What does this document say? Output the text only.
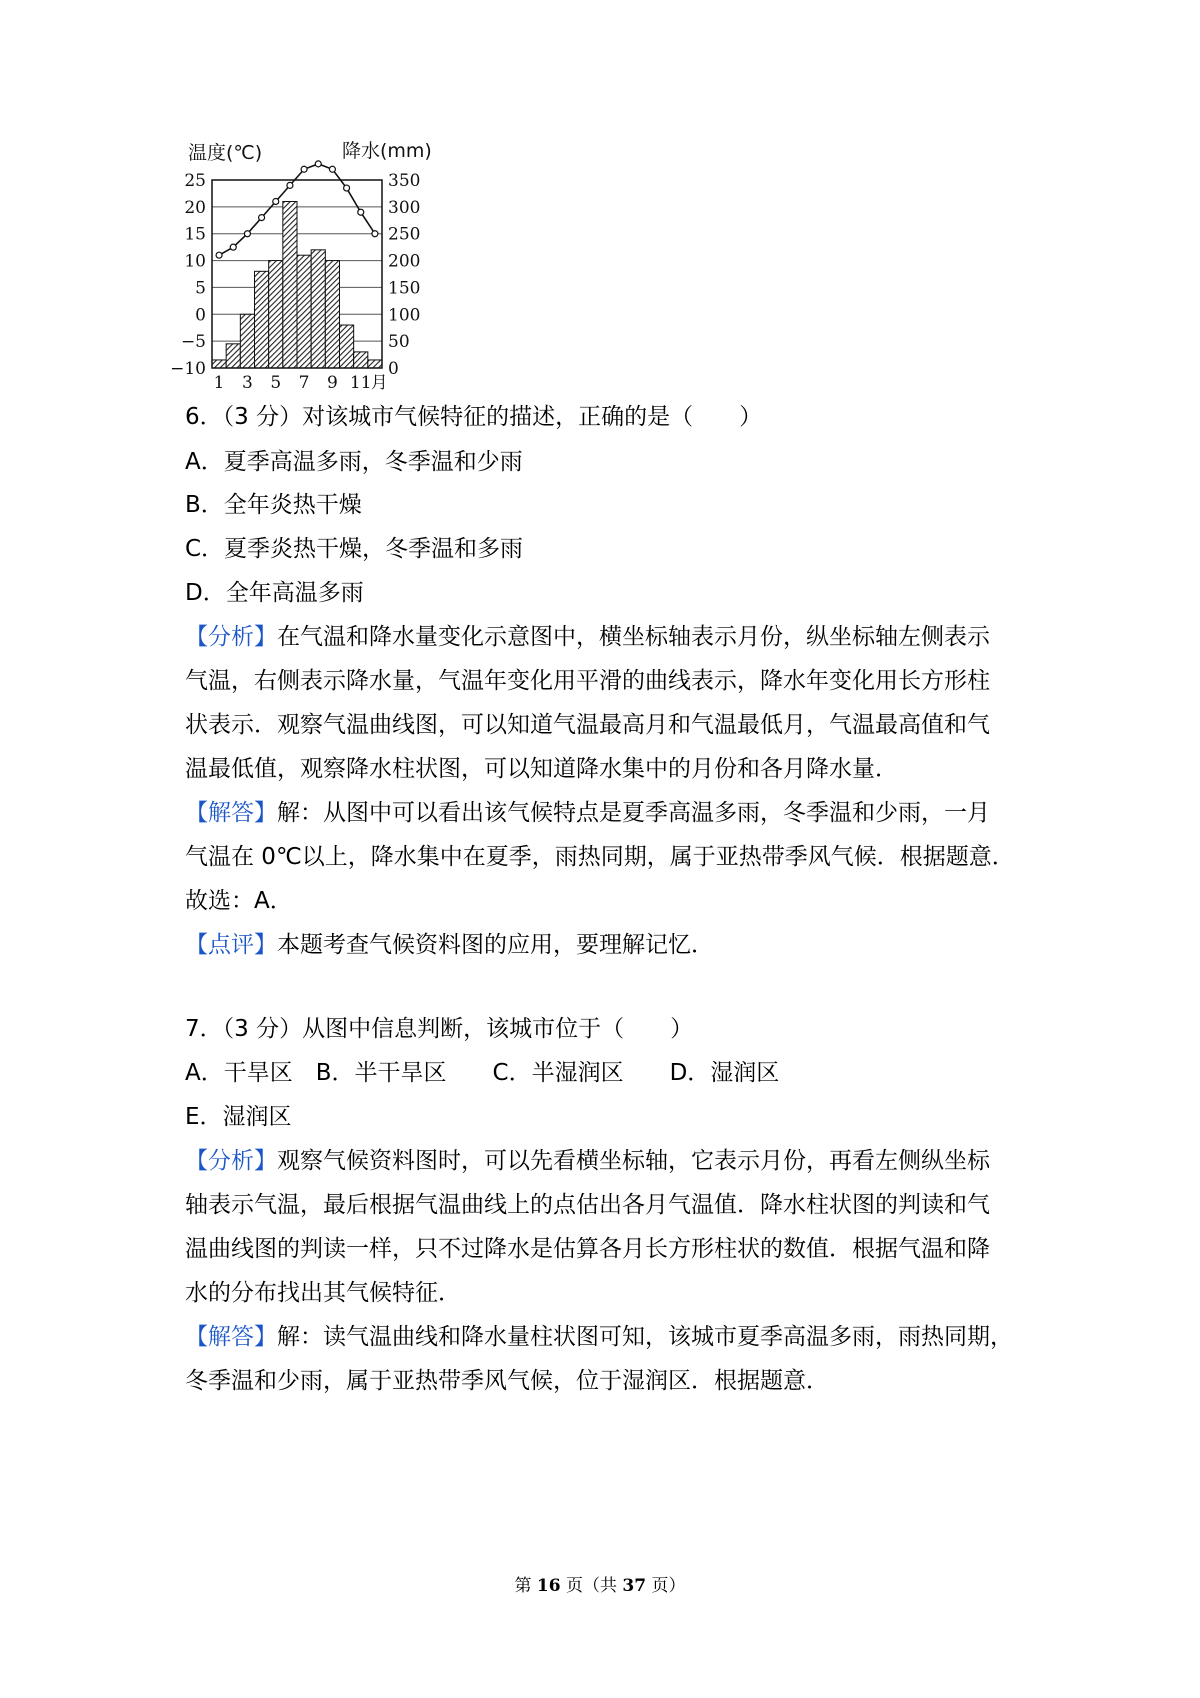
温度(℃)	降水(mm)
25
20
15
10
5
0
−5
−10
350
300
250
200
150
100
50
0
1 3 5 7 9 11 月
6．（3 分）对该城市气候特征的描述，正确的是（　　）
A．夏季高温多雨，冬季温和少雨
B．全年炎热干燥
C．夏季炎热干燥，冬季温和多雨
D．全年高温多雨
【分析】在气温和降水量变化示意图中，横坐标轴表示月份，纵坐标轴左侧表示
气温，右侧表示降水量，气温年变化用平滑的曲线表示，降水年变化用长方形柱
状表示．观察气温曲线图，可以知道气温最高月和气温最低月，气温最高值和气
温最低值，观察降水柱状图，可以知道降水集中的月份和各月降水量．
【解答】解：从图中可以看出该气候特点是夏季高温多雨，冬季温和少雨，一月
气温在 0℃以上，降水集中在夏季，雨热同期，属于亚热带季风气候．根据题意．
故选：A．
【点评】本题考查气候资料图的应用，要理解记忆．
7．（3 分）从图中信息判断，该城市位于（　　）
A．干旱区　B．半干旱区　　C．半湿润区　　D．湿润区
E．湿润区
【分析】观察气候资料图时，可以先看横坐标轴，它表示月份，再看左侧纵坐标
轴表示气温，最后根据气温曲线上的点估出各月气温值．降水柱状图的判读和气
温曲线图的判读一样，只不过降水是估算各月长方形柱状的数值．根据气温和降
水的分布找出其气候特征．
【解答】解：读气温曲线和降水量柱状图可知，该城市夏季高温多雨，雨热同期，
冬季温和少雨，属于亚热带季风气候，位于湿润区．根据题意．
第 16 页（共 37 页）
